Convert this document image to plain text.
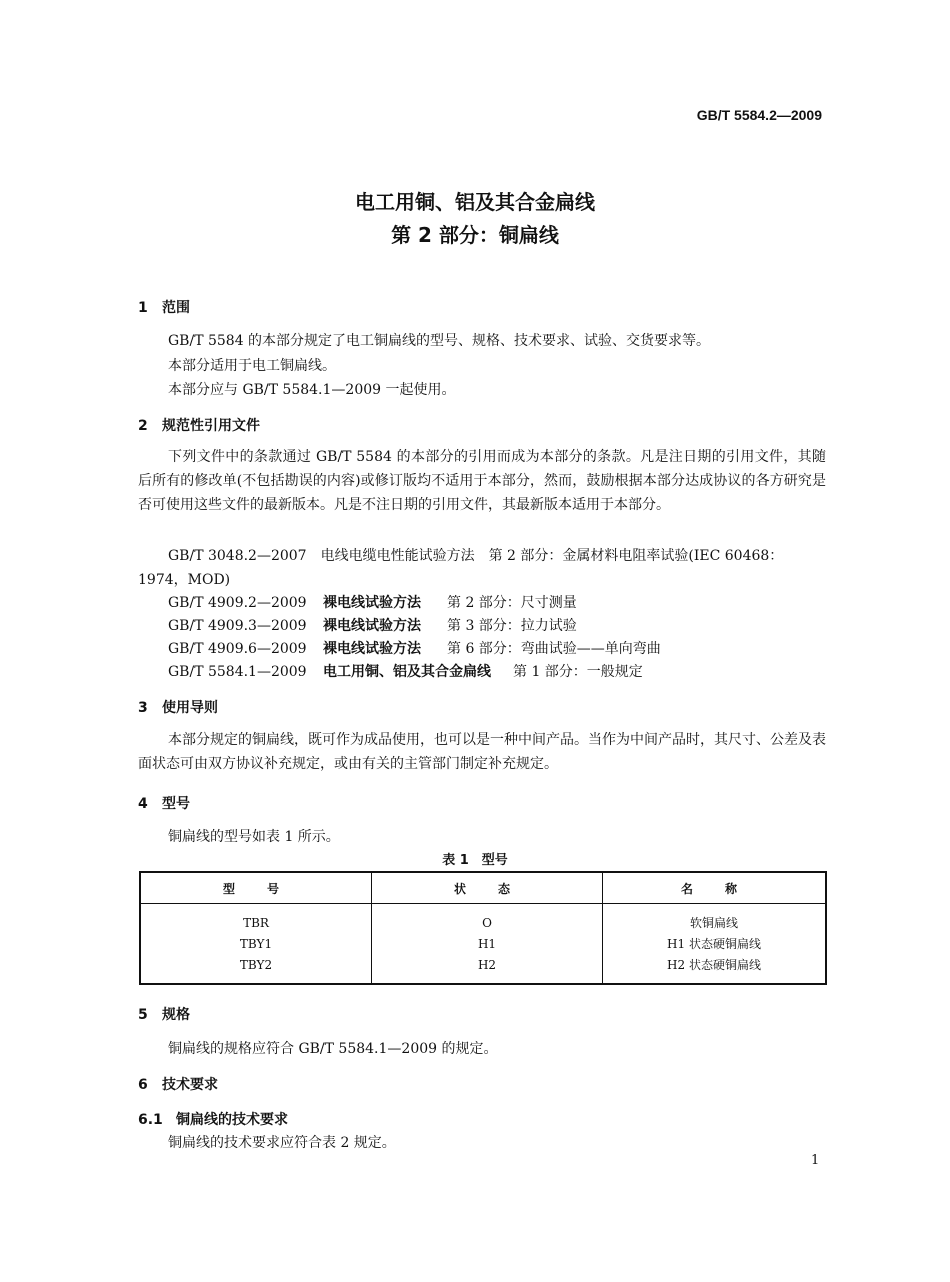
GB/T 5584.2—2009
电工用铜、铝及其合金扁线
第 2 部分：铜扁线
1 范围
GB/T 5584 的本部分规定了电工铜扁线的型号、规格、技术要求、试验、交货要求等。
本部分适用于电工铜扁线。
本部分应与 GB/T 5584.1—2009 一起使用。
2 规范性引用文件
下列文件中的条款通过 GB/T 5584 的本部分的引用而成为本部分的条款。凡是注日期的引用文件，其随后所有的修改单(不包括勘误的内容)或修订版均不适用于本部分，然而，鼓励根据本部分达成协议的各方研究是否可使用这些文件的最新版本。凡是不注日期的引用文件，其最新版本适用于本部分。
GB/T 3048.2—2007　电线电缆电性能试验方法　第 2 部分：金属材料电阻率试验(IEC 60468：
1974，MOD)
GB/T 4909.2—2009 裸电线试验方法 第 2 部分：尺寸测量
GB/T 4909.3—2009 裸电线试验方法 第 3 部分：拉力试验
GB/T 4909.6—2009 裸电线试验方法 第 6 部分：弯曲试验——单向弯曲
GB/T 5584.1—2009 电工用铜、铝及其合金扁线 第 1 部分：一般规定
3 使用导则
本部分规定的铜扁线，既可作为成品使用，也可以是一种中间产品。当作为中间产品时，其尺寸、公差及表面状态可由双方协议补充规定，或由有关的主管部门制定补充规定。
4 型号
铜扁线的型号如表 1 所示。
表 1　型号
型　号	状　态	名　称
TBR	O	软铜扁线
TBY1	H1	H1 状态硬铜扁线
TBY2	H2	H2 状态硬铜扁线
5 规格
铜扁线的规格应符合 GB/T 5584.1—2009 的规定。
6 技术要求
6.1 铜扁线的技术要求
铜扁线的技术要求应符合表 2 规定。
1
